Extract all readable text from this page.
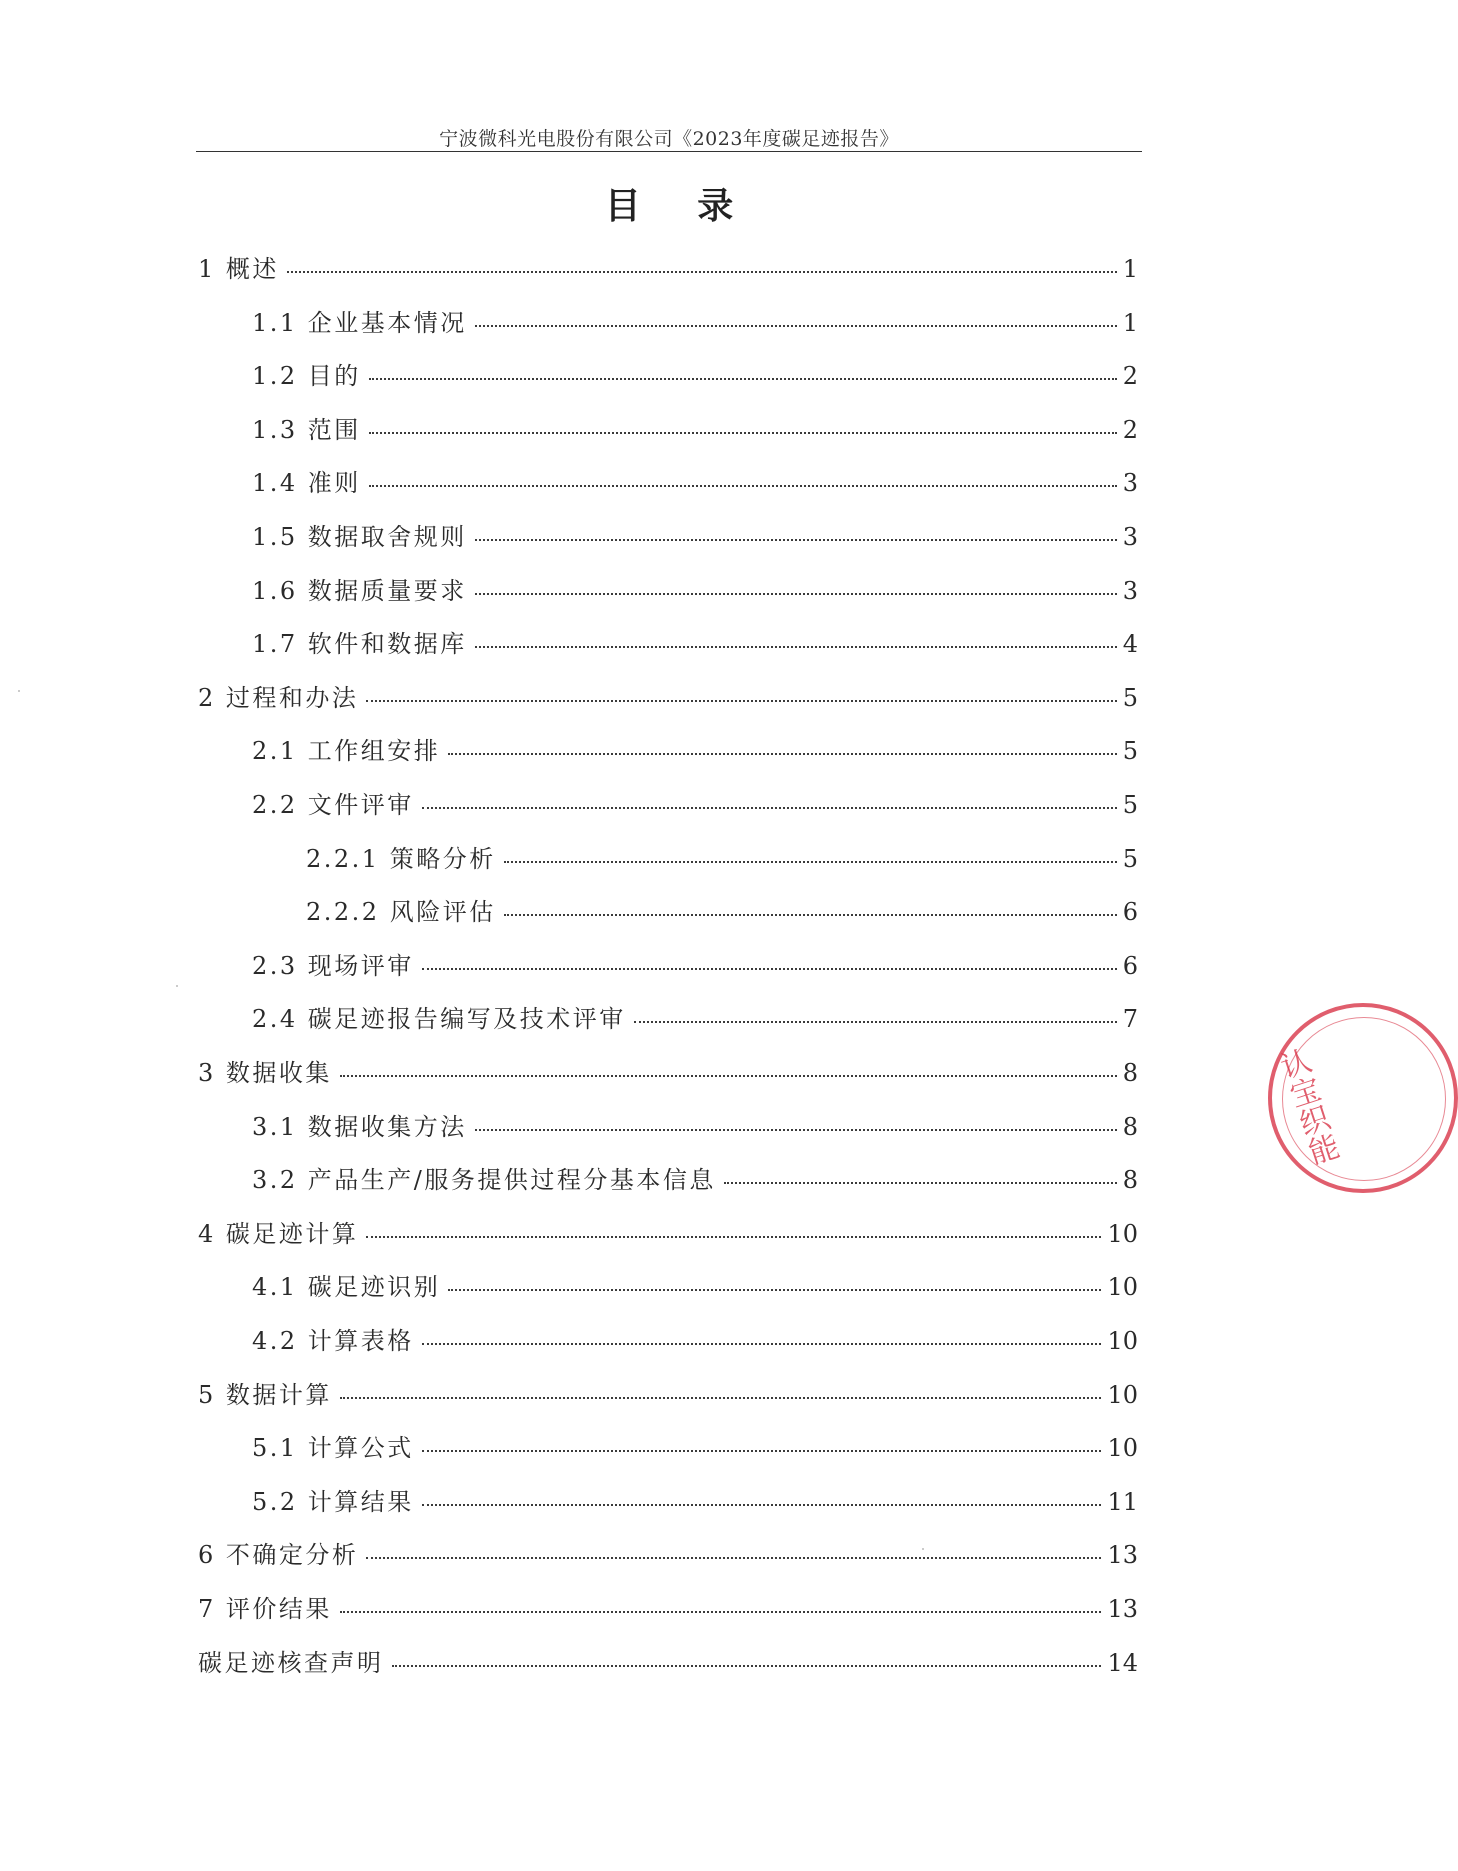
宁波微科光电股份有限公司《2023年度碳足迹报告》
目 录
1 概述	1
1.1 企业基本情况	1
1.2 目的	2
1.3 范围	2
1.4 准则	3
1.5 数据取舍规则	3
1.6 数据质量要求	3
1.7 软件和数据库	4
2 过程和办法	5
2.1 工作组安排	5
2.2 文件评审	5
2.2.1 策略分析	5
2.2.2 风险评估	6
2.3 现场评审	6
2.4 碳足迹报告编写及技术评审	7
3 数据收集	8
3.1 数据收集方法	8
3.2 产品生产/服务提供过程分基本信息	8
4 碳足迹计算	10
4.1 碳足迹识别	10
4.2 计算表格	10
5 数据计算	10
5.1 计算公式	10
5.2 计算结果	11
6 不确定分析	13
7 评价结果	13
碳足迹核查声明	14
认宝织能
